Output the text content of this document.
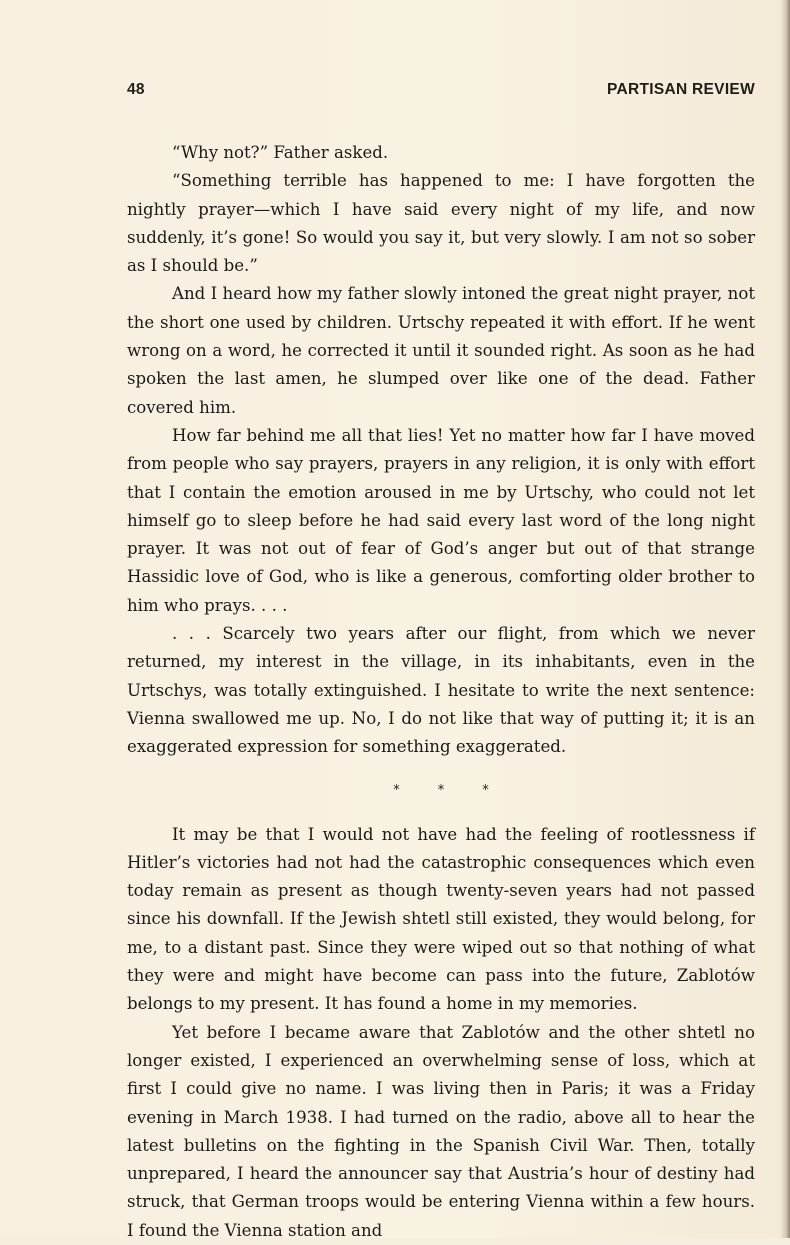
48	PARTISAN REVIEW

“Why not?” Father asked.

“Something terrible has happened to me: I have forgotten the nightly prayer—which I have said every night of my life, and now suddenly, it’s gone! So would you say it, but very slowly. I am not so sober as I should be.”

And I heard how my father slowly intoned the great night prayer, not the short one used by children. Urtschy repeated it with effort. If he went wrong on a word, he corrected it until it sounded right. As soon as he had spoken the last amen, he slumped over like one of the dead. Father covered him.

How far behind me all that lies! Yet no matter how far I have moved from people who say prayers, prayers in any religion, it is only with effort that I contain the emotion aroused in me by Urtschy, who could not let himself go to sleep before he had said every last word of the long night prayer. It was not out of fear of God’s anger but out of that strange Hassidic love of God, who is like a generous, comforting older brother to him who prays. . . .

. . . Scarcely two years after our flight, from which we never returned, my interest in the village, in its inhabitants, even in the Urtschys, was totally extinguished. I hesitate to write the next sentence: Vienna swallowed me up. No, I do not like that way of putting it; it is an exaggerated expression for something exaggerated.

*	*	*

It may be that I would not have had the feeling of rootlessness if Hitler’s victories had not had the catastrophic consequences which even today remain as present as though twenty-seven years had not passed since his downfall. If the Jewish shtetl still existed, they would belong, for me, to a distant past. Since they were wiped out so that nothing of what they were and might have become can pass into the future, Zablotów belongs to my present. It has found a home in my memories.

Yet before I became aware that Zablotów and the other shtetl no longer existed, I experienced an overwhelming sense of loss, which at first I could give no name. I was living then in Paris; it was a Friday evening in March 1938. I had turned on the radio, above all to hear the latest bulletins on the fighting in the Spanish Civil War. Then, totally unprepared, I heard the announcer say that Austria’s hour of destiny had struck, that German troops would be entering Vienna within a few hours. I found the Vienna station and
